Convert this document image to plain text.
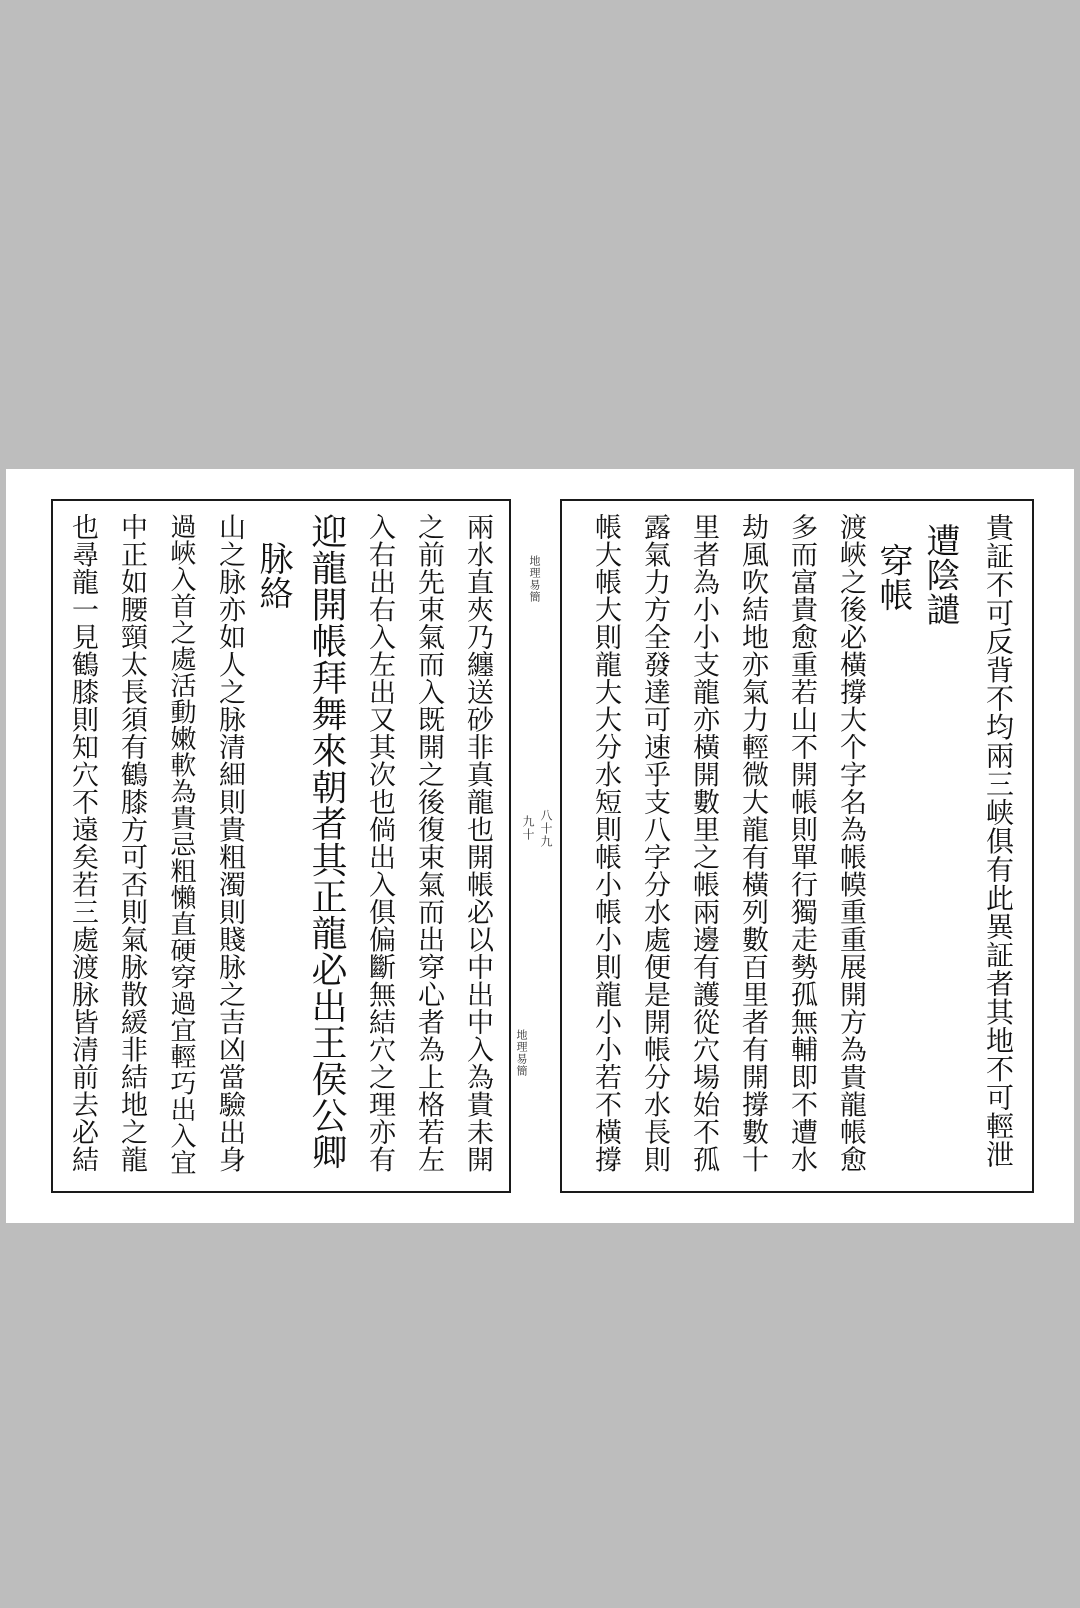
兩水直夾乃纏送砂非真龍也開帳必以中出中入為貴未開
之前先束氣而入既開之後復束氣而出穿心者為上格若左
入右出右入左出又其次也倘出入俱偏斷無結穴之理亦有
迎龍開帳拜舞來朝者其正龍必出王侯公卿
脉絡
山之脉亦如人之脉清細則貴粗濁則賤脉之吉凶當驗出身
過峽入首之處活動嫩軟為貴忌粗懶直硬穿過宜輕巧出入宜
中正如腰頸太長須有鶴膝方可否則氣脉散緩非結地之龍
也尋龍一見鶴膝則知穴不遠矣若三處渡脉皆清前去必結	地理易簡
八十九
九十
地理易簡	貴証不可反背不均兩三峡俱有此異証者其地不可輕泄
遭陰譴
穿帳
渡峽之後必橫撐大个字名為帳幙重重展開方為貴龍帳愈
多而富貴愈重若山不開帳則單行獨走勢孤無輔即不遭水
劫風吹結地亦氣力輕微大龍有橫列數百里者有開撐數十
里者為小小支龍亦橫開數里之帳兩邊有護從穴場始不孤
露氣力方全發達可速乎支八字分水處便是開帳分水長則
帳大帳大則龍大大分水短則帳小帳小則龍小小若不橫撐
